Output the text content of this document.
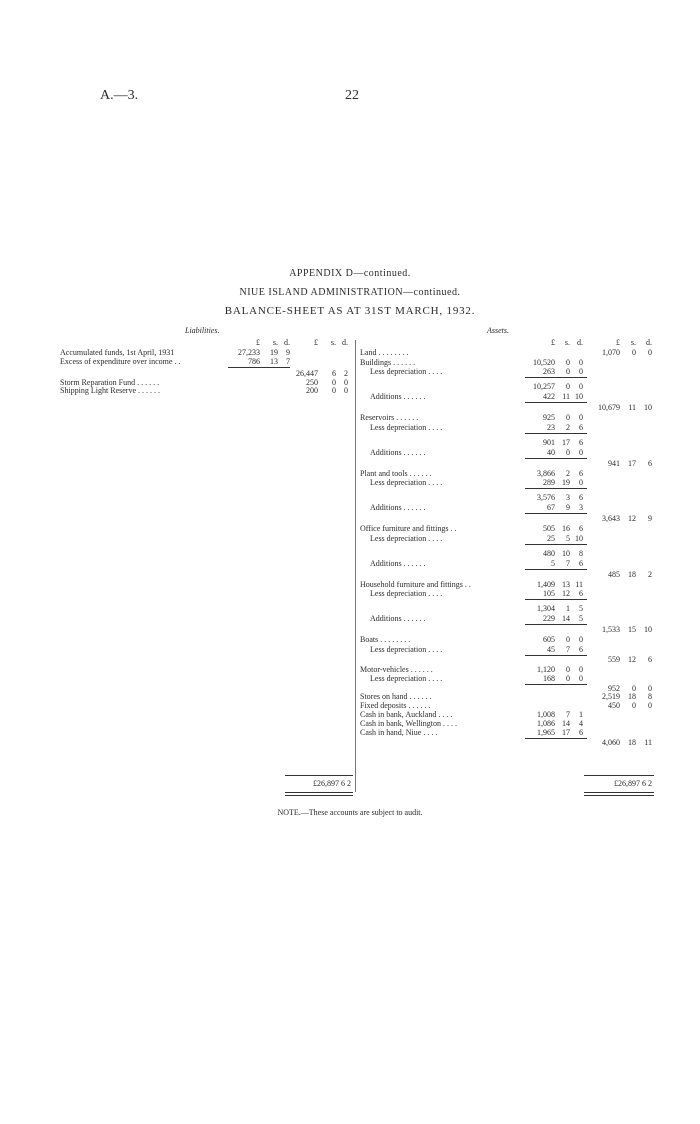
A.—3.	22
APPENDIX D—continued.
NIUE ISLAND ADMINISTRATION—continued.
BALANCE-SHEET AS AT 31ST MARCH, 1932.
Liabilities.
£	s. d.	£	s. d.
Accumulated funds, 1st April, 1931	27,233	19	9
Excess of expenditure over income . .	786	13	7
26,447	6	2
Storm Reparation Fund . . . . . .	250	0	0
Shipping Light Reserve . . . . . .	200	0	0
Assets.
£	s. d.	£	s.	d.
Land . . . . . . . .	1,070	0	0
Buildings . . . . . .	10,520	0	0
Less depreciation . . . .	263	0	0
10,257	0	0
Additions . . . . . .	422 11 10
10,679	11	10
Reservoirs . . . . . .	925	0	0
Less depreciation . . . .	23	2	6
901 17	6
Additions . . . . . .	40	0	0
941	17	6
Plant and tools . . . . . .	3,866	2	6
Less depreciation . . . .	289 19	0
3,576	3	6
Additions . . . . . .	67	9	3
3,643	12	9
Office furniture and fittings . .	505 16	6
Less depreciation . . . .	25	5 10
480 10	8
Additions . . . . . .	5	7	6
485	18	2
Household furniture and fittings . .	1,409 13 11
Less depreciation . . . .	105 12	6
1,304	1	5
Additions . . . . . .	229 14	5
1,533	15	10
Boats . . . . . . . .	605	0	0
Less depreciation . . . .	45	7	6
559	12	6
Motor-vehicles . . . . . .	1,120	0	0
Less depreciation . . . .	168	0	0
952	0	0
Stores on hand . . . . . .	2,519	18	8
Fixed deposits . . . . . .	450	0	0
Cash in bank, Auckland . . . .	1,008	7	1
Cash in bank, Wellington . . . .	1,086 14	4
Cash in hand, Niue . . . .	1,965 17	6
4,060	18	11
£26,897 6 2	£26,897 6 2
NOTE.—These accounts are subject to audit.
